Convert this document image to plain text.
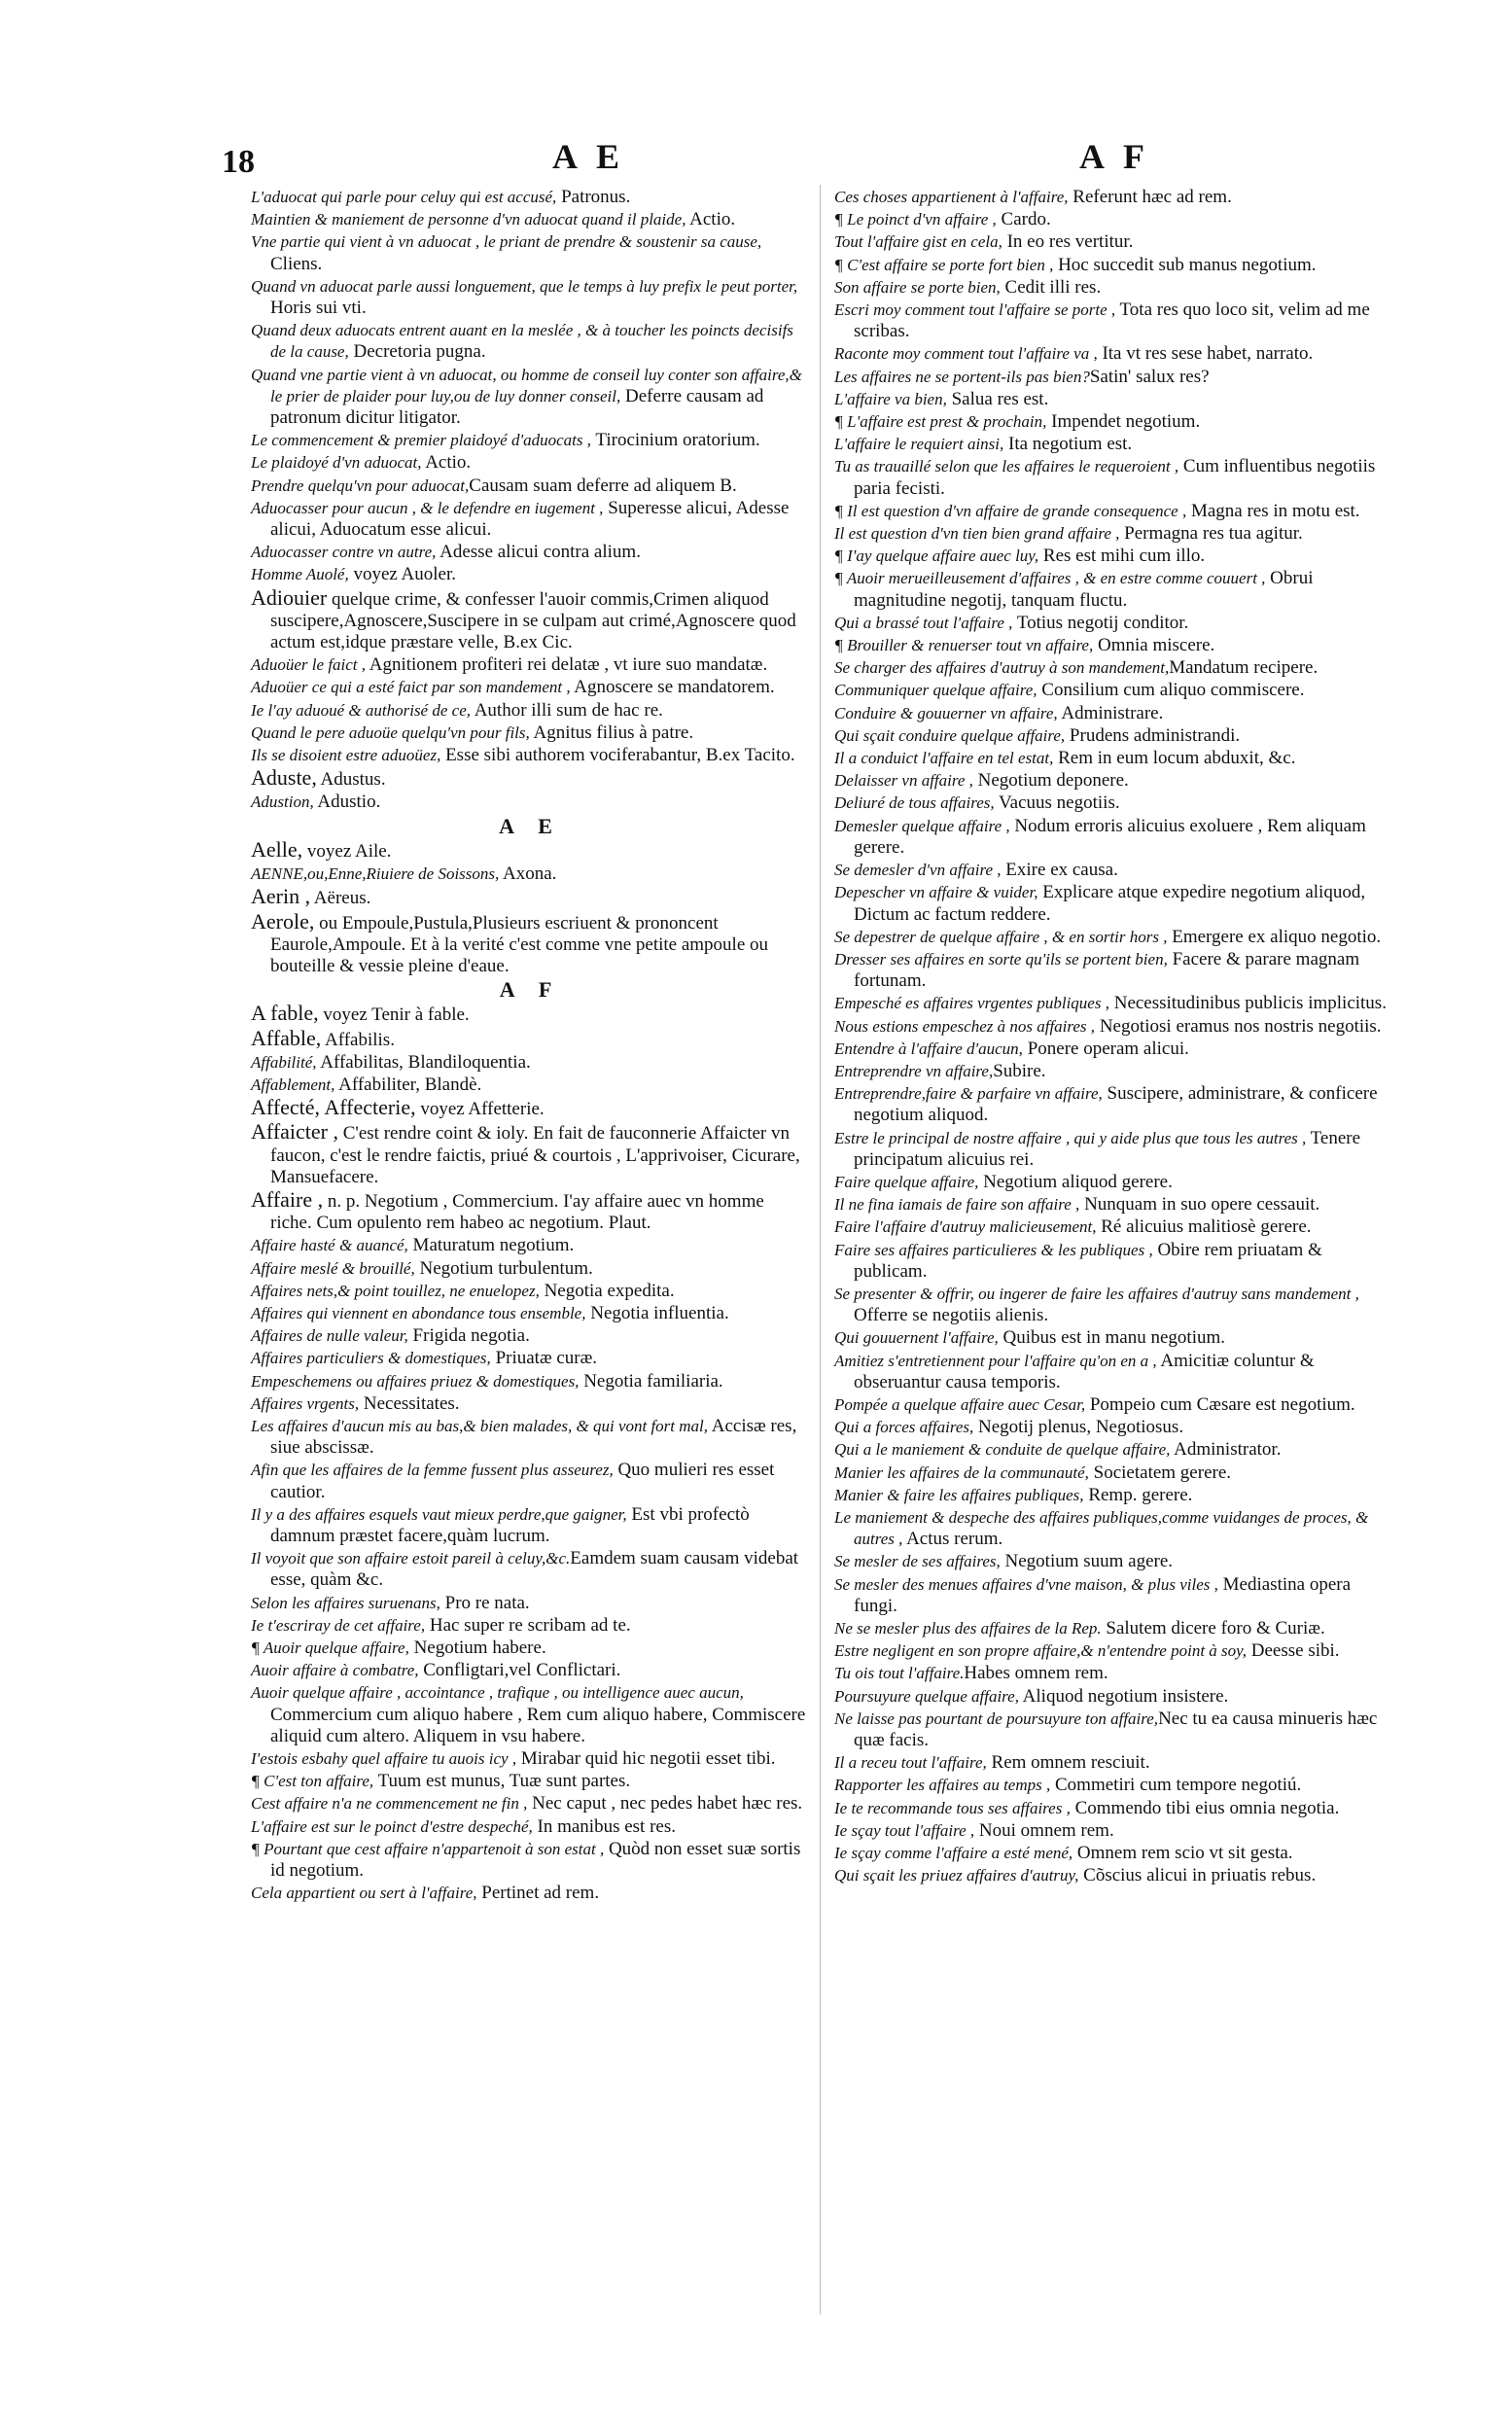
18	A E	A F
L'aduocat qui parle pour celuy qui est accusé, Patronus.
Maintien & maniement de personne d'vn aduocat quand il plaide, Actio.
Vne partie qui vient à vn aduocat , le priant de prendre & soustenir sa cause, Cliens.
Quand vn aduocat parle aussi longuement, que le temps à luy prefix le peut porter, Horis sui vti.
Quand deux aduocats entrent auant en la meslée , & à toucher les poincts decisifs de la cause, Decretoria pugna.
Quand vne partie vient à vn aduocat, ou homme de conseil luy conter son affaire,& le prier de plaider pour luy,ou de luy donner conseil, Deferre causam ad patronum dicitur litigator.
Le commencement & premier plaidoyé d'aduocats , Tirocinium oratorium.
Le plaidoyé d'vn aduocat, Actio.
Prendre quelqu'vn pour aduocat,Causam suam deferre ad aliquem B.
Aduocasser pour aucun , & le defendre en iugement , Superesse alicui, Adesse alicui, Aduocatum esse alicui.
Aduocasser contre vn autre, Adesse alicui contra alium.
Homme Auolé, voyez Auoler.
Adiouier quelque crime, & confesser l'auoir commis,Crimen aliquod suscipere,Agnoscere,Suscipere in se culpam aut crimé,Agnoscere quod actum est,idque præstare velle, B.ex Cic.
Aduoüer le faict , Agnitionem profiteri rei delatæ , vt iure suo mandatæ.
Aduoüer ce qui a esté faict par son mandement , Agnoscere se mandatorem.
Ie l'ay aduoué & authorisé de ce, Author illi sum de hac re.
Quand le pere aduoüe quelqu'vn pour fils, Agnitus filius à patre.
Ils se disoient estre aduoüez, Esse sibi authorem vociferabantur, B.ex Tacito.
Aduste, Adustus.
Adustion, Adustio.
A E
Aelle, voyez Aile.
AENNE,ou,Enne,Riuiere de Soissons, Axona.
Aerin , Aëreus.
Aerole, ou Empoule,Pustula,Plusieurs escriuent & prononcent Eaurole,Ampoule. Et à la verité c'est comme vne petite ampoule ou bouteille & vessie pleine d'eaue.
A F
A fable, voyez Tenir à fable.
Affable, Affabilis.
Affabilité, Affabilitas, Blandiloquentia.
Affablement, Affabiliter, Blandè.
Affecté, Affecterie, voyez Affetterie.
Affaicter , C'est rendre coint & ioly. En fait de fauconnerie Affaicter vn faucon, c'est le rendre faictis, priué & courtois , L'apprivoiser, Cicurare, Mansuefacere.
Affaire , n. p. Negotium , Commercium. I'ay affaire auec vn homme riche. Cum opulento rem habeo ac negotium. Plaut.
Affaire hasté & auancé, Maturatum negotium.
Affaire meslé & brouillé, Negotium turbulentum.
Affaires nets,& point touillez, ne enuelopez, Negotia expedita.
Affaires qui viennent en abondance tous ensemble, Negotia influentia.
Affaires de nulle valeur, Frigida negotia.
Affaires particuliers & domestiques, Priuatæ curæ.
Empeschemens ou affaires priuez & domestiques, Negotia familiaria.
Affaires vrgents, Necessitates.
Les affaires d'aucun mis au bas,& bien malades, & qui vont fort mal, Accisæ res, siue abscissæ.
Afin que les affaires de la femme fussent plus asseurez, Quo mulieri res esset cautior.
Il y a des affaires esquels vaut mieux perdre,que gaigner, Est vbi profectò damnum præstet facere,quàm lucrum.
Il voyoit que son affaire estoit pareil à celuy,&c.Eamdem suam causam videbat esse, quàm &c.
Selon les affaires suruenans, Pro re nata.
Ie t'escriray de cet affaire, Hac super re scribam ad te.
¶ Auoir quelque affaire, Negotium habere.
Auoir affaire à combatre, Confligtari,vel Conflictari.
Auoir quelque affaire , accointance , trafique , ou intelligence auec aucun, Commercium cum aliquo habere , Rem cum aliquo habere, Commiscere aliquid cum altero. Aliquem in vsu habere.
I'estois esbahy quel affaire tu auois icy , Mirabar quid hic negotii esset tibi.
¶ C'est ton affaire, Tuum est munus, Tuæ sunt partes.
Cest affaire n'a ne commencement ne fin , Nec caput , nec pedes habet hæc res.
L'affaire est sur le poinct d'estre despeché, In manibus est res.
¶ Pourtant que cest affaire n'appartenoit à son estat , Quòd non esset suæ sortis id negotium.
Cela appartient ou sert à l'affaire, Pertinet ad rem.
Ces choses appartienent à l'affaire, Referunt hæc ad rem.
¶ Le poinct d'vn affaire , Cardo.
Tout l'affaire gist en cela, In eo res vertitur.
¶ C'est affaire se porte fort bien , Hoc succedit sub manus negotium.
Son affaire se porte bien, Cedit illi res.
Escri moy comment tout l'affaire se porte , Tota res quo loco sit, velim ad me scribas.
Raconte moy comment tout l'affaire va , Ita vt res sese habet, narrato.
Les affaires ne se portent-ils pas bien?Satin' salux res?
L'affaire va bien, Salua res est.
¶ L'affaire est prest & prochain, Impendet negotium.
L'affaire le requiert ainsi, Ita negotium est.
Tu as trauaillé selon que les affaires le requeroient , Cum influentibus negotiis paria fecisti.
¶ Il est question d'vn affaire de grande consequence , Magna res in motu est.
Il est question d'vn tien bien grand affaire , Permagna res tua agitur.
¶ I'ay quelque affaire auec luy, Res est mihi cum illo.
¶ Auoir merueilleusement d'affaires , & en estre comme couuert , Obrui magnitudine negotij, tanquam fluctu.
Qui a brassé tout l'affaire , Totius negotij conditor.
¶ Brouiller & renuerser tout vn affaire, Omnia miscere.
Se charger des affaires d'autruy à son mandement,Mandatum recipere.
Communiquer quelque affaire, Consilium cum aliquo commiscere.
Conduire & gouuerner vn affaire, Administrare.
Qui sçait conduire quelque affaire, Prudens administrandi.
Il a conduict l'affaire en tel estat, Rem in eum locum abduxit, &c.
Delaisser vn affaire , Negotium deponere.
Deliuré de tous affaires, Vacuus negotiis.
Demesler quelque affaire , Nodum erroris alicuius exoluere , Rem aliquam gerere.
Se demesler d'vn affaire , Exire ex causa.
Depescher vn affaire & vuider, Explicare atque expedire negotium aliquod, Dictum ac factum reddere.
Se depestrer de quelque affaire , & en sortir hors , Emergere ex aliquo negotio.
Dresser ses affaires en sorte qu'ils se portent bien, Facere & parare magnam fortunam.
Empesché es affaires vrgentes publiques , Necessitudinibus publicis implicitus.
Nous estions empeschez à nos affaires , Negotiosi eramus nos nostris negotiis.
Entendre à l'affaire d'aucun, Ponere operam alicui.
Entreprendre vn affaire,Subire.
Entreprendre,faire & parfaire vn affaire, Suscipere, administrare, & conficere negotium aliquod.
Estre le principal de nostre affaire , qui y aide plus que tous les autres , Tenere principatum alicuius rei.
Faire quelque affaire, Negotium aliquod gerere.
Il ne fina iamais de faire son affaire , Nunquam in suo opere cessauit.
Faire l'affaire d'autruy malicieusement, Ré alicuius malitiosè gerere.
Faire ses affaires particulieres & les publiques , Obire rem priuatam & publicam.
Se presenter & offrir, ou ingerer de faire les affaires d'autruy sans mandement , Offerre se negotiis alienis.
Qui gouuernent l'affaire, Quibus est in manu negotium.
Amitiez s'entretiennent pour l'affaire qu'on en a , Amicitiæ coluntur & obseruantur causa temporis.
Pompée a quelque affaire auec Cesar, Pompeio cum Cæsare est negotium.
Qui a forces affaires, Negotij plenus, Negotiosus.
Qui a le maniement & conduite de quelque affaire, Administrator.
Manier les affaires de la communauté, Societatem gerere.
Manier & faire les affaires publiques, Remp. gerere.
Le maniement & despeche des affaires publiques,comme vuidanges de proces, & autres , Actus rerum.
Se mesler de ses affaires, Negotium suum agere.
Se mesler des menues affaires d'vne maison, & plus viles , Mediastina opera fungi.
Ne se mesler plus des affaires de la Rep. Salutem dicere foro & Curiæ.
Estre negligent en son propre affaire,& n'entendre point à soy, Deesse sibi.
Tu ois tout l'affaire.Habes omnem rem.
Poursuyure quelque affaire, Aliquod negotium insistere.
Ne laisse pas pourtant de poursuyure ton affaire,Nec tu ea causa minueris hæc quæ facis.
Il a receu tout l'affaire, Rem omnem resciuit.
Rapporter les affaires au temps , Commetiri cum tempore negotiú.
Ie te recommande tous ses affaires , Commendo tibi eius omnia negotia.
Ie sçay tout l'affaire , Noui omnem rem.
Ie sçay comme l'affaire a esté mené, Omnem rem scio vt sit gesta.
Qui sçait les priuez affaires d'autruy, Cõscius alicui in priuatis rebus.
